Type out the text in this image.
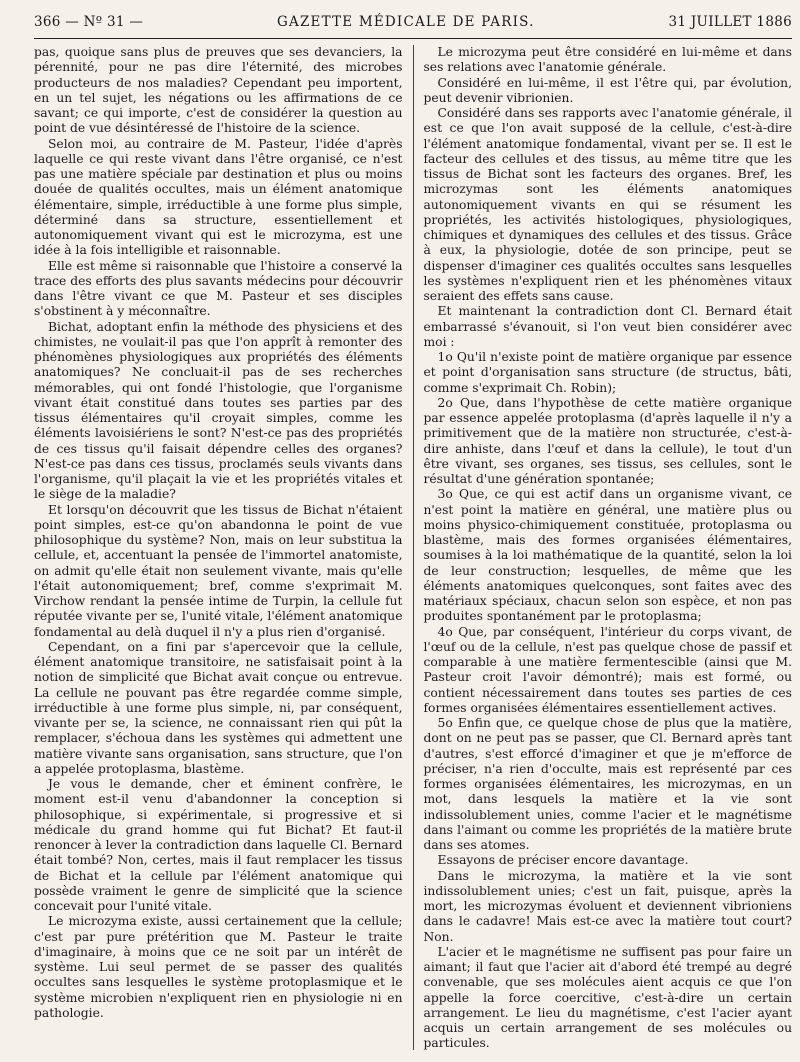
366 — Nº 31 —	GAZETTE MÉDICALE DE PARIS.	31 JUILLET 1886

pas, quoique sans plus de preuves que ses devanciers, la pérennité, pour ne pas dire l'éternité, des microbes producteurs de nos maladies? Cependant peu importent, en un tel sujet, les négations ou les affirmations de ce savant; ce qui importe, c'est de considérer la question au point de vue désintéressé de l'histoire de la science.

Selon moi, au contraire de M. Pasteur, l'idée d'après laquelle ce qui reste vivant dans l'être organisé, ce n'est pas une matière spéciale par destination et plus ou moins douée de qualités occultes, mais un élément anatomique élémentaire, simple, irréductible à une forme plus simple, déterminé dans sa structure, essentiellement et autonomiquement vivant qui est le microzyma, est une idée à la fois intelligible et raisonnable.

Elle est même si raisonnable que l'histoire a conservé la trace des efforts des plus savants médecins pour découvrir dans l'être vivant ce que M. Pasteur et ses disciples s'obstinent à y méconnaître.

Bichat, adoptant enfin la méthode des physiciens et des chimistes, ne voulait-il pas que l'on apprît à remonter des phénomènes physiologiques aux propriétés des éléments anatomiques? Ne concluait-il pas de ses recherches mémorables, qui ont fondé l'histologie, que l'organisme vivant était constitué dans toutes ses parties par des tissus élémentaires qu'il croyait simples, comme les éléments lavoisiériens le sont? N'est-ce pas des propriétés de ces tissus qu'il faisait dépendre celles des organes? N'est-ce pas dans ces tissus, proclamés seuls vivants dans l'organisme, qu'il plaçait la vie et les propriétés vitales et le siège de la maladie?

Et lorsqu'on découvrit que les tissus de Bichat n'étaient point simples, est-ce qu'on abandonna le point de vue philosophique du système? Non, mais on leur substitua la cellule, et, accentuant la pensée de l'immortel anatomiste, on admit qu'elle était non seulement vivante, mais qu'elle l'était autonomiquement; bref, comme s'exprimait M. Virchow rendant la pensée intime de Turpin, la cellule fut réputée vivante per se, l'unité vitale, l'élément anatomique fondamental au delà duquel il n'y a plus rien d'organisé.

Cependant, on a fini par s'apercevoir que la cellule, élément anatomique transitoire, ne satisfaisait point à la notion de simplicité que Bichat avait conçue ou entrevue. La cellule ne pouvant pas être regardée comme simple, irréductible à une forme plus simple, ni, par conséquent, vivante per se, la science, ne connaissant rien qui pût la remplacer, s'échoua dans les systèmes qui admettent une matière vivante sans organisation, sans structure, que l'on a appelée protoplasma, blastème.

Je vous le demande, cher et éminent confrère, le moment est-il venu d'abandonner la conception si philosophique, si expérimentale, si progressive et si médicale du grand homme qui fut Bichat? Et faut-il renoncer à lever la contradiction dans laquelle Cl. Bernard était tombé? Non, certes, mais il faut remplacer les tissus de Bichat et la cellule par l'élément anatomique qui possède vraiment le genre de simplicité que la science concevait pour l'unité vitale.

Le microzyma existe, aussi certainement que la cellule; c'est par pure prétérition que M. Pasteur le traite d'imaginaire, à moins que ce ne soit par un intérêt de système. Lui seul permet de se passer des qualités occultes sans lesquelles le système protoplasmique et le système microbien n'expliquent rien en physiologie ni en pathologie.

Le microzyma peut être considéré en lui-même et dans ses relations avec l'anatomie générale.

Considéré en lui-même, il est l'être qui, par évolution, peut devenir vibrionien.

Considéré dans ses rapports avec l'anatomie générale, il est ce que l'on avait supposé de la cellule, c'est-à-dire l'élément anatomique fondamental, vivant per se. Il est le facteur des cellules et des tissus, au même titre que les tissus de Bichat sont les facteurs des organes. Bref, les microzymas sont les éléments anatomiques autonomiquement vivants en qui se résument les propriétés, les activités histologiques, physiologiques, chimiques et dynamiques des cellules et des tissus. Grâce à eux, la physiologie, dotée de son principe, peut se dispenser d'imaginer ces qualités occultes sans lesquelles les systèmes n'expliquent rien et les phénomènes vitaux seraient des effets sans cause.

Et maintenant la contradiction dont Cl. Bernard était embarrassé s'évanouit, si l'on veut bien considérer avec moi :

1o Qu'il n'existe point de matière organique par essence et point d'organisation sans structure (de structus, bâti, comme s'exprimait Ch. Robin);

2o Que, dans l'hypothèse de cette matière organique par essence appelée protoplasma (d'après laquelle il n'y a primitivement que de la matière non structurée, c'est-à-dire anhiste, dans l'œuf et dans la cellule), le tout d'un être vivant, ses organes, ses tissus, ses cellules, sont le résultat d'une génération spontanée;

3o Que, ce qui est actif dans un organisme vivant, ce n'est point la matière en général, une matière plus ou moins physico-chimiquement constituée, protoplasma ou blastème, mais des formes organisées élémentaires, soumises à la loi mathématique de la quantité, selon la loi de leur construction; lesquelles, de même que les éléments anatomiques quelconques, sont faites avec des matériaux spéciaux, chacun selon son espèce, et non pas produites spontanément par le protoplasma;

4o Que, par conséquent, l'intérieur du corps vivant, de l'œuf ou de la cellule, n'est pas quelque chose de passif et comparable à une matière fermentescible (ainsi que M. Pasteur croit l'avoir démontré); mais est formé, ou contient nécessairement dans toutes ses parties de ces formes organisées élémentaires essentiellement actives.

5o Enfin que, ce quelque chose de plus que la matière, dont on ne peut pas se passer, que Cl. Bernard après tant d'autres, s'est efforcé d'imaginer et que je m'efforce de préciser, n'a rien d'occulte, mais est représenté par ces formes organisées élémentaires, les microzymas, en un mot, dans lesquels la matière et la vie sont indissolublement unies, comme l'acier et le magnétisme dans l'aimant ou comme les propriétés de la matière brute dans ses atomes.

Essayons de préciser encore davantage.

Dans le microzyma, la matière et la vie sont indissolublement unies; c'est un fait, puisque, après la mort, les microzymas évoluent et deviennent vibrioniens dans le cadavre! Mais est-ce avec la matière tout court? Non.

L'acier et le magnétisme ne suffisent pas pour faire un aimant; il faut que l'acier ait d'abord été trempé au degré convenable, que ses molécules aient acquis ce que l'on appelle la force coercitive, c'est-à-dire un certain arrangement. Le lieu du magnétisme, c'est l'acier ayant acquis un certain arrangement de ses molécules ou particules.
